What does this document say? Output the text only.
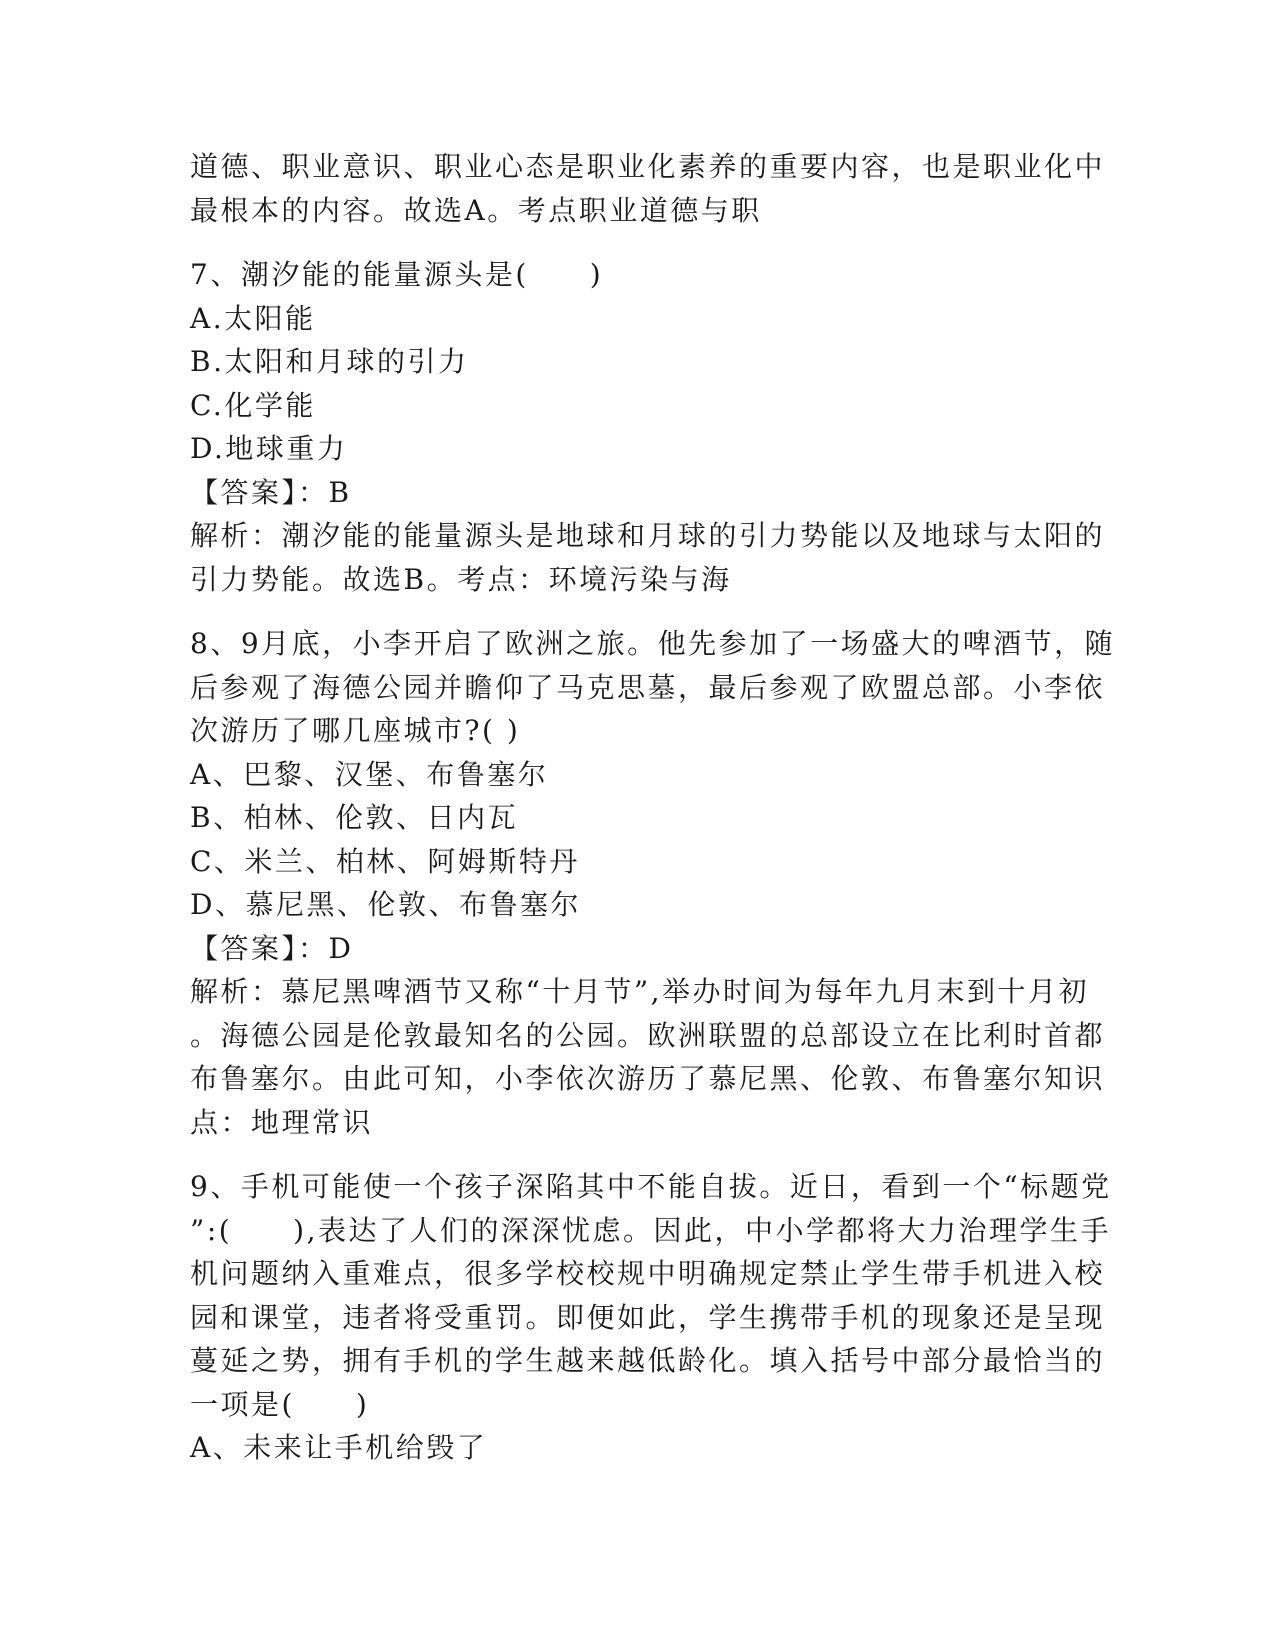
道德、职业意识、职业心态是职业化素养的重要内容，也是职业化中
最根本的内容。故选A。考点职业道德与职
7、潮汐能的能量源头是(　　)
A.太阳能
B.太阳和月球的引力
C.化学能
D.地球重力
【答案】：B
解析：潮汐能的能量源头是地球和月球的引力势能以及地球与太阳的
引力势能。故选B。考点：环境污染与海
8、9月底，小李开启了欧洲之旅。他先参加了一场盛大的啤酒节，随
后参观了海德公园并瞻仰了马克思墓，最后参观了欧盟总部。小李依
次游历了哪几座城市?( )
A、巴黎、汉堡、布鲁塞尔
B、柏林、伦敦、日内瓦
C、米兰、柏林、阿姆斯特丹
D、慕尼黑、伦敦、布鲁塞尔
【答案】：D
解析：慕尼黑啤酒节又称“十月节”,举办时间为每年九月末到十月初
。海德公园是伦敦最知名的公园。欧洲联盟的总部设立在比利时首都
布鲁塞尔。由此可知，小李依次游历了慕尼黑、伦敦、布鲁塞尔知识
点：地理常识
9、手机可能使一个孩子深陷其中不能自拔。近日，看到一个“标题党
”:(　　),表达了人们的深深忧虑。因此，中小学都将大力治理学生手
机问题纳入重难点，很多学校校规中明确规定禁止学生带手机进入校
园和课堂，违者将受重罚。即便如此，学生携带手机的现象还是呈现
蔓延之势，拥有手机的学生越来越低龄化。填入括号中部分最恰当的
一项是(　　)
A、未来让手机给毁了
